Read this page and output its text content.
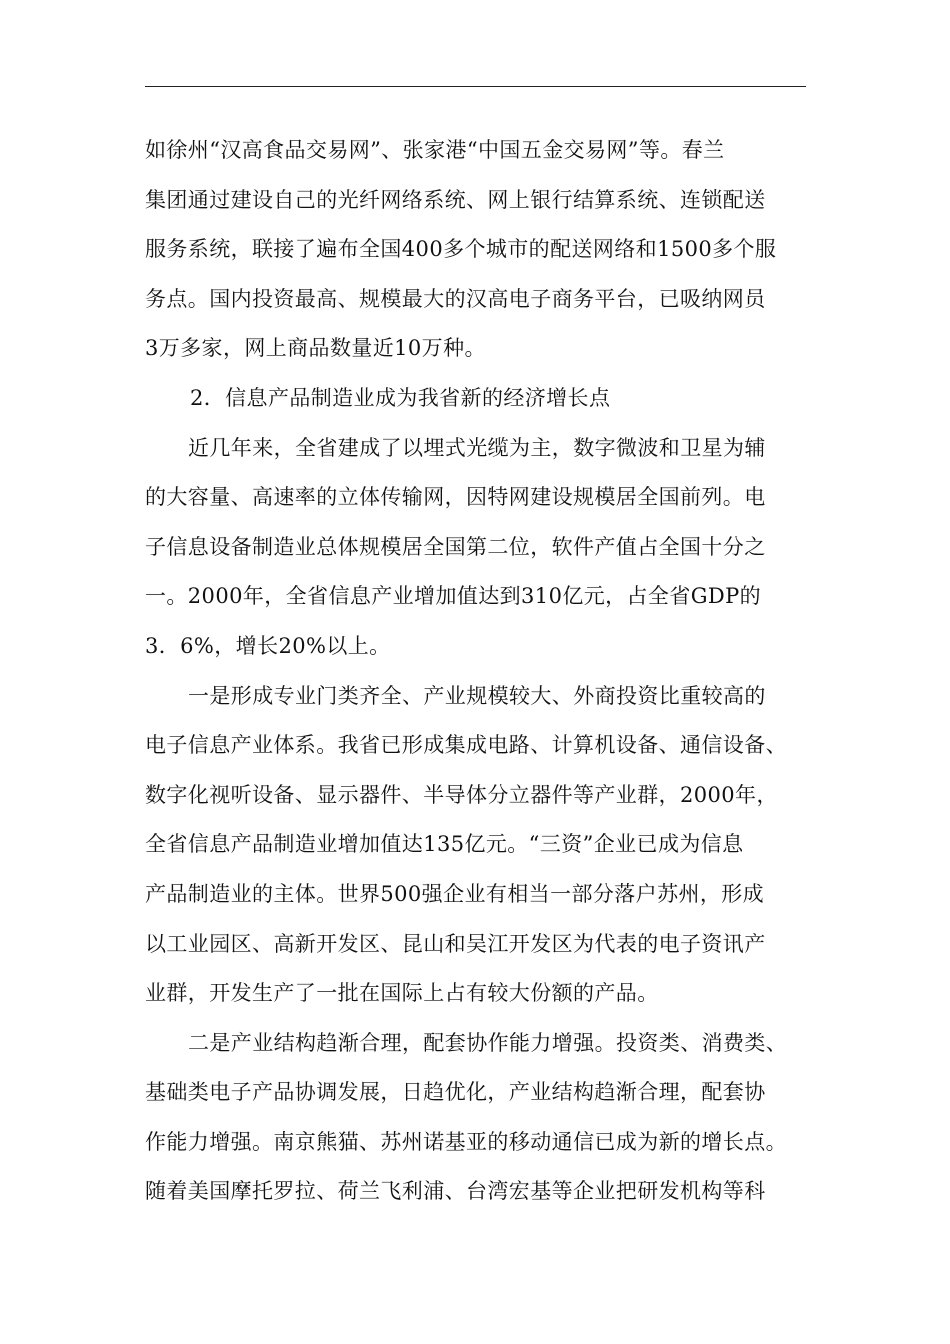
如徐州“汉高食品交易网”、张家港“中国五金交易网”等。春兰
集团通过建设自己的光纤网络系统、网上银行结算系统、连锁配送
服务系统，联接了遍布全国400多个城市的配送网络和1500多个服
务点。国内投资最高、规模最大的汉高电子商务平台，已吸纳网员
3万多家，网上商品数量近10万种。
2．信息产品制造业成为我省新的经济增长点
近几年来，全省建成了以埋式光缆为主，数字微波和卫星为辅
的大容量、高速率的立体传输网，因特网建设规模居全国前列。电
子信息设备制造业总体规模居全国第二位，软件产值占全国十分之
一。2000年，全省信息产业增加值达到310亿元，占全省GDP的
3．6%，增长20%以上。
一是形成专业门类齐全、产业规模较大、外商投资比重较高的
电子信息产业体系。我省已形成集成电路、计算机设备、通信设备、
数字化视听设备、显示器件、半导体分立器件等产业群，2000年，
全省信息产品制造业增加值达135亿元。“三资”企业已成为信息
产品制造业的主体。世界500强企业有相当一部分落户苏州，形成
以工业园区、高新开发区、昆山和吴江开发区为代表的电子资讯产
业群，开发生产了一批在国际上占有较大份额的产品。
二是产业结构趋渐合理，配套协作能力增强。投资类、消费类、
基础类电子产品协调发展，日趋优化，产业结构趋渐合理，配套协
作能力增强。南京熊猫、苏州诺基亚的移动通信已成为新的增长点。
随着美国摩托罗拉、荷兰飞利浦、台湾宏基等企业把研发机构等科
